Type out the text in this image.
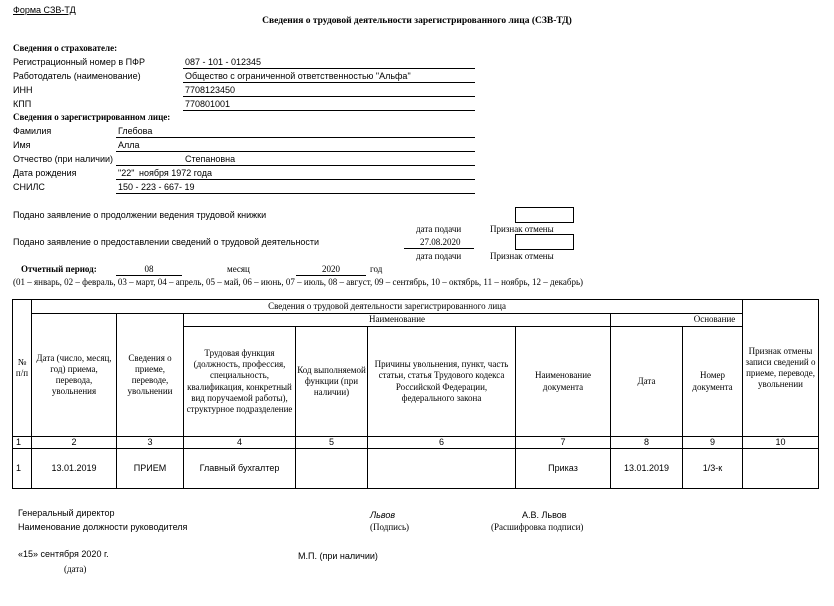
Форма СЗВ-ТД
Сведения о трудовой деятельности зарегистрированного лица (СЗВ-ТД)
Сведения о страхователе:
Регистрационный номер в ПФР	087 - 101 - 012345
Работодатель (наименование)	Общество с ограниченной ответственностью "Альфа"
ИНН	7708123450
КПП	770801001
Сведения о зарегистрированном лице:
Фамилия	Глебова
Имя	Алла
Отчество (при наличии)	Степановна
Дата рождения	"22" ноября 1972 года
СНИЛС	150 - 223 - 667- 19
Подано заявление о продолжении ведения трудовой книжки
дата подачи	Признак отмены
Подано заявление о предоставлении сведений о трудовой деятельности	27.08.2020
дата подачи	Признак отмены
Отчетный период:	08	месяц	2020	год
(01 – январь, 02 – февраль, 03 – март, 04 – апрель, 05 – май, 06 – июнь, 07 – июль, 08 – август, 09 – сентябрь, 10 – октябрь, 11 – ноябрь, 12 – декабрь)
№ п/п	Сведения о трудовой деятельности зарегистрированного лица								Признак отмены записи сведений о приеме, переводе, увольнении
	Дата (число, месяц, год) приема, перевода, увольнения	Сведения о приеме, переводе, увольнении	Наименование				Основание		
			Трудовая функция (должность, профессия, специальность, квалификация, конкретный вид поручаемой работы), структурное подразделение	Код выполняемой функции (при наличии)	Причины увольнения, пункт, часть статьи, статья Трудового кодекса Российской Федерации, федерального закона	Наименование документа	Дата	Номер документа	
1	2	3	4	5	6	7	8	9	10
1	13.01.2019	ПРИЕМ	Главный бухгалтер			Приказ	13.01.2019	1/3-к	
Генеральный директор
Наименование должности руководителя
Львов
(Подпись)
А.В. Львов
(Расшифровка подписи)
«15» сентября 2020 г.
(дата)
М.П. (при наличии)
